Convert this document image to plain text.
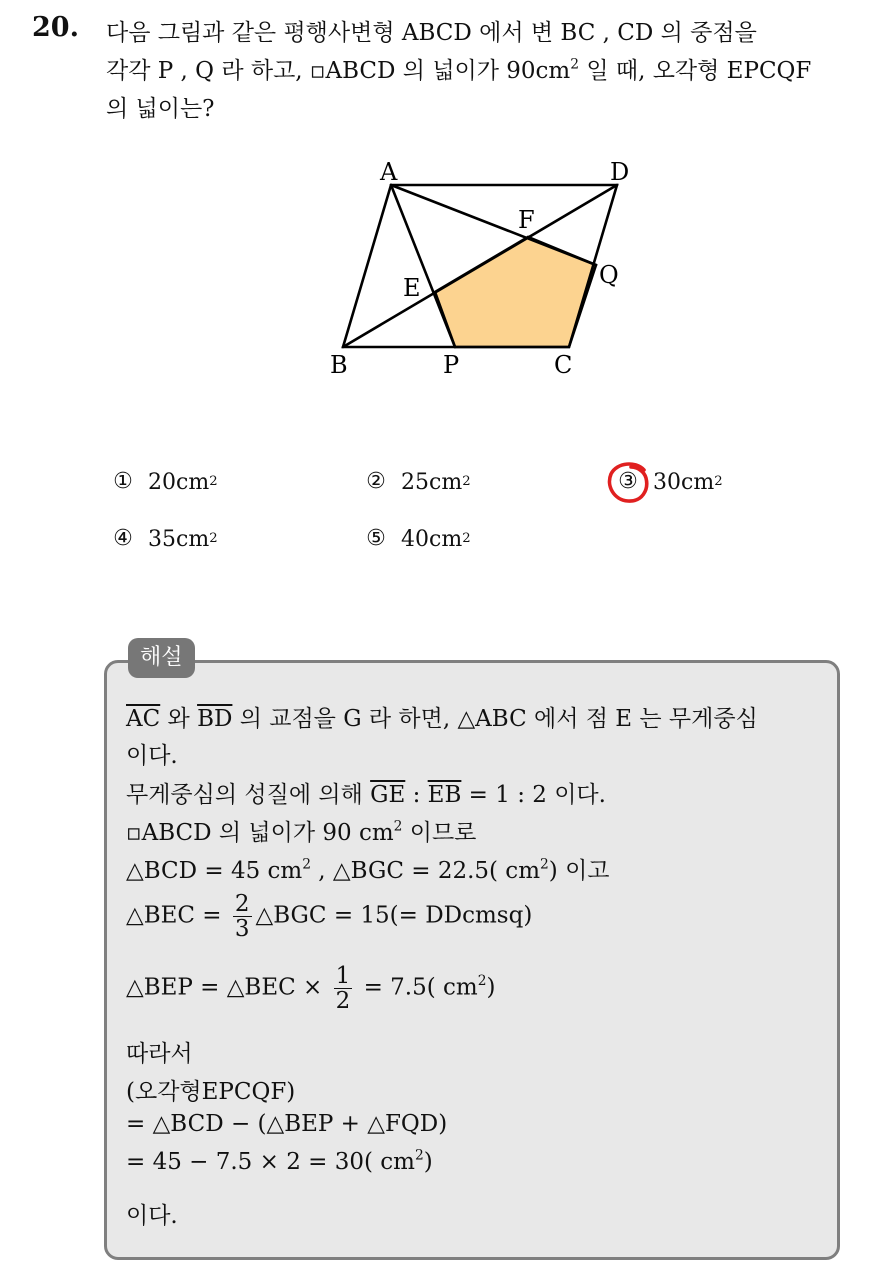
20. 다음 그림과 같은 평행사변형 ABCD 에서 변 BC , CD 의 중점을
각각 P , Q 라 하고, ▫ABCD 의 넓이가 $90cm^2$ 일 때, 오각형 EPCQF
의 넓이는?
A	D
F
Q
E
B	P	C
① 20cm 2	② 25cm 2	③ 30cm 2
④ 35cm 2	⑤ 40cm 2
해설
$\overline{AC}$ 와 $\overline{BD}$ 의 교점을 G 라 하면, △ABC 에서 점 E 는 무게중심
이다.
무게중심의 성질에 의해 $\overline{GE}$ : $\overline{EB} = 1$ : 2 이다.
▫ABCD 의 넓이가 90 $cm^2$ 이므로
△BCD = 45 $cm^2$ , △BGC = 22.5( $cm^2$) 이고
△BEC = $\frac{2}{3}$ △BGC = 15(= DDcmsq)
△BEP = △BEC × $\frac{1}{2} = 7.5$( $cm^2$)
따라서
(오각형EPCQF)
= △BCD − (△BEP + △FQD)
= 45 − 7.5 × 2 = 30( $cm^2$)
이다.
